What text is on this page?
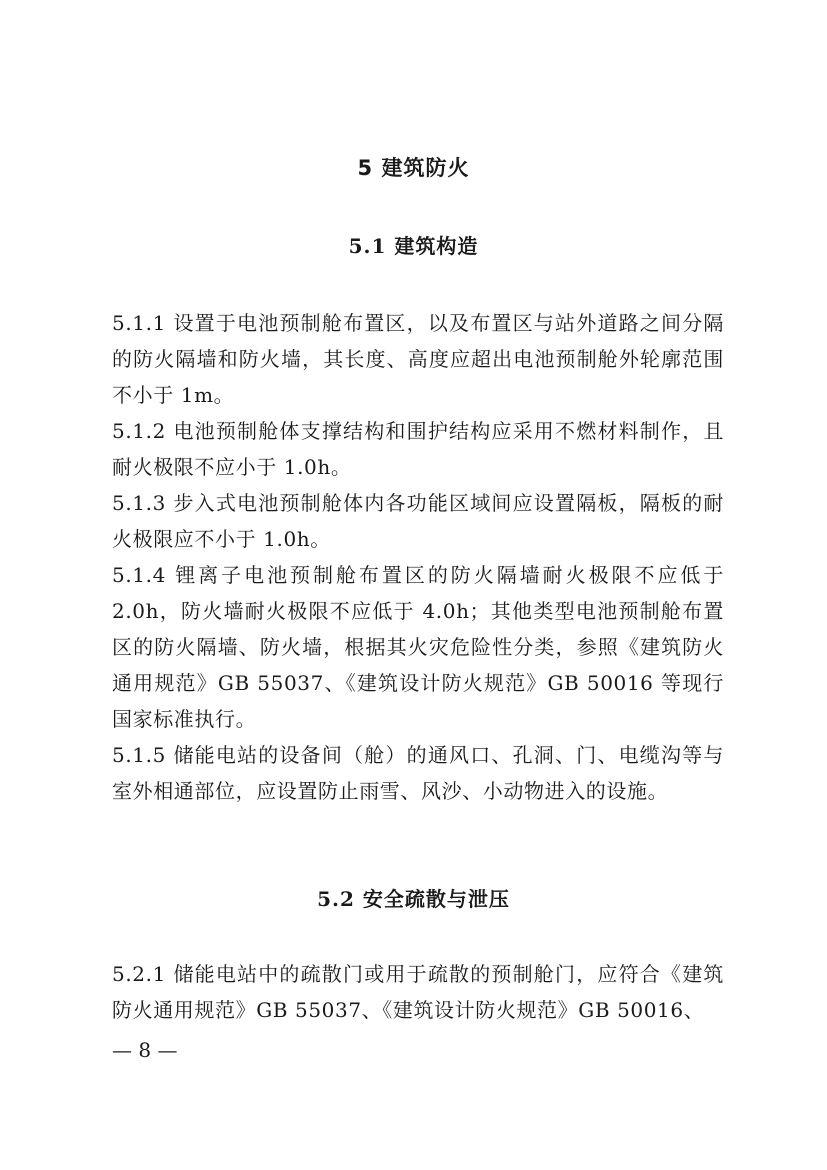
5 建筑防火
5.1 建筑构造

5.1.1 设置于电池预制舱布置区，以及布置区与站外道路之间分隔的防火隔墙和防火墙，其长度、高度应超出电池预制舱外轮廓范围不小于 1m。

5.1.2 电池预制舱体支撑结构和围护结构应采用不燃材料制作，且耐火极限不应小于 1.0h。

5.1.3 步入式电池预制舱体内各功能区域间应设置隔板，隔板的耐火极限应不小于 1.0h。

5.1.4 锂离子电池预制舱布置区的防火隔墙耐火极限不应低于 2.0h，防火墙耐火极限不应低于 4.0h；其他类型电池预制舱布置区的防火隔墙、防火墙，根据其火灾危险性分类，参照《建筑防火通用规范》GB 55037、《建筑设计防火规范》GB 50016 等现行国家标准执行。

5.1.5 储能电站的设备间（舱）的通风口、孔洞、门、电缆沟等与室外相通部位，应设置防止雨雪、风沙、小动物进入的设施。

5.2 安全疏散与泄压

5.2.1 储能电站中的疏散门或用于疏散的预制舱门，应符合《建筑防火通用规范》GB 55037、《建筑设计防火规范》GB 50016、

— 8 —
